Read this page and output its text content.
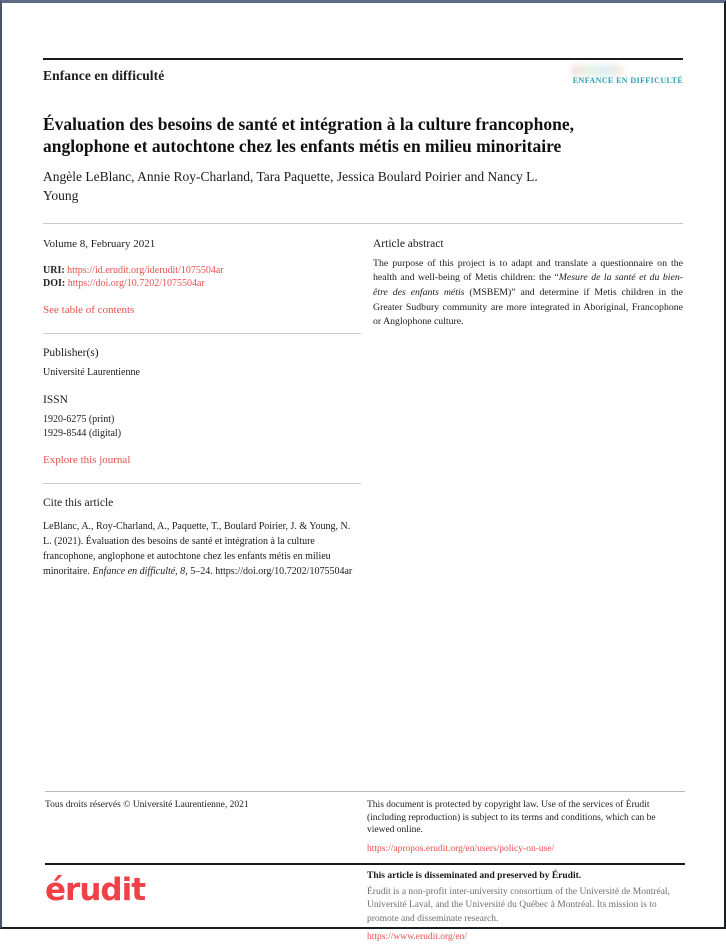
Enfance en difficulté	ENFANCE EN DIFFICULTÉ
Évaluation des besoins de santé et intégration à la culture francophone, anglophone et autochtone chez les enfants métis en milieu minoritaire
Angèle LeBlanc, Annie Roy-Charland, Tara Paquette, Jessica Boulard Poirier and Nancy L. Young
Volume 8, February 2021
URI: https://id.erudit.org/iderudit/1075504ar
DOI: https://doi.org/10.7202/1075504ar
See table of contents
Publisher(s)
Université Laurentienne
ISSN
1920-6275 (print)
1929-8544 (digital)
Explore this journal
Cite this article

LeBlanc, A., Roy-Charland, A., Paquette, T., Boulard Poirier, J. & Young, N. L. (2021). Évaluation des besoins de santé et intégration à la culture francophone, anglophone et autochtone chez les enfants métis en milieu minoritaire. Enfance en difficulté, 8, 5–24. https://doi.org/10.7202/1075504ar

Article abstract

The purpose of this project is to adapt and translate a questionnaire on the health and well-being of Metis children: the “Mesure de la santé et du bien-être des enfants métis (MSBEM)” and determine if Metis children in the Greater Sudbury community are more integrated in Aboriginal, Francophone or Anglophone culture.

Tous droits réservés © Université Laurentienne, 2021	This document is protected by copyright law. Use of the services of Érudit (including reproduction) is subject to its terms and conditions, which can be viewed online.
https://apropos.erudit.org/en/users/policy-on-use/
érudit	This article is disseminated and preserved by Érudit.
Érudit is a non-profit inter-university consortium of the Université de Montréal, Université Laval, and the Université du Québec à Montréal. Its mission is to promote and disseminate research.
https://www.erudit.org/en/
